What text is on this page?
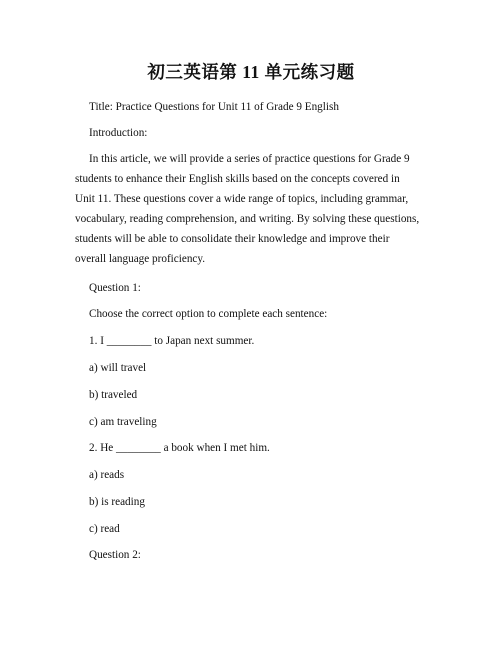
初三英语第 11 单元练习题
Title: Practice Questions for Unit 11 of Grade 9 English
Introduction:
In this article, we will provide a series of practice questions for Grade 9
students to enhance their English skills based on the concepts covered in
Unit 11. These questions cover a wide range of topics, including grammar,
vocabulary, reading comprehension, and writing. By solving these questions,
students will be able to consolidate their knowledge and improve their
overall language proficiency.
Question 1:
Choose the correct option to complete each sentence:
1. I ________ to Japan next summer.
a) will travel
b) traveled
c) am traveling
2. He ________ a book when I met him.
a) reads
b) is reading
c) read
Question 2:
